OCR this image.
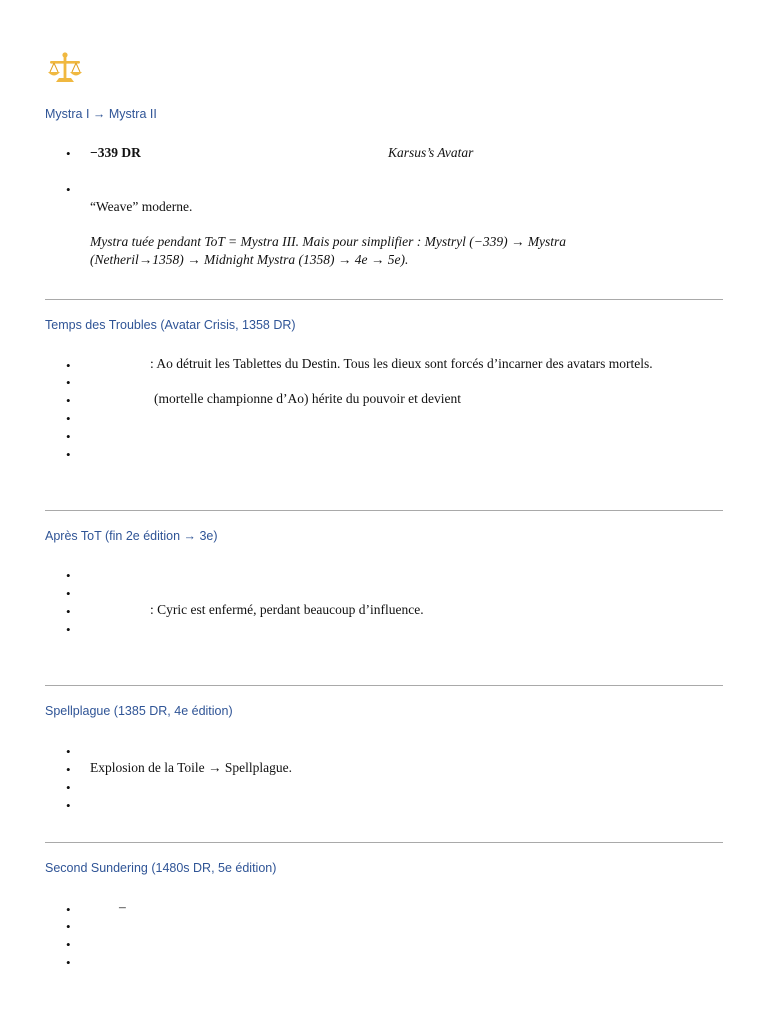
Mystra I → Mystra II
• −339 DR	Karsus’s Avatar
•
“Weave” moderne.
Mystra tuée pendant ToT = Mystra III. Mais pour simplifier : Mystryl (−339) → Mystra
(Netheril→1358) → Midnight Mystra (1358) → 4e → 5e).
Temps des Troubles (Avatar Crisis, 1358 DR)
•	: Ao détruit les Tablettes du Destin. Tous les dieux sont forcés d’incarner des avatars mortels.
•
•	(mortelle championne d’Ao) hérite du pouvoir et devient
•
•
•
Après ToT (fin 2e édition → 3e)
•
•
•	: Cyric est enfermé, perdant beaucoup d’influence.
•
Spellplague (1385 DR, 4e édition)
•
• Explosion de la Toile → Spellplague.
•
•
Second Sundering (1480s DR, 5e édition)
•	–
•
•
•
